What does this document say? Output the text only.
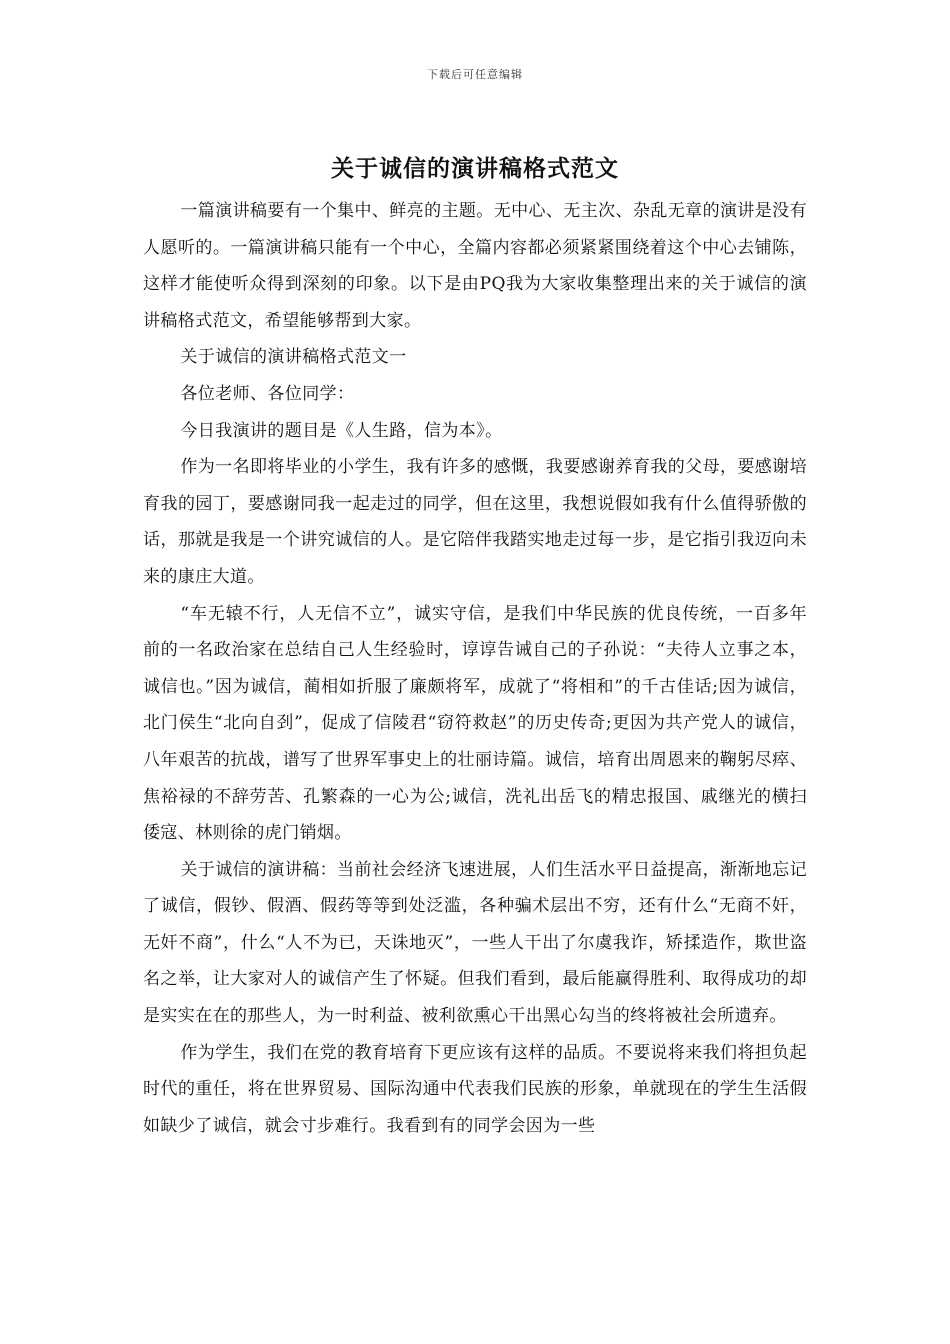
下载后可任意编辑
关于诚信的演讲稿格式范文

一篇演讲稿要有一个集中、鲜亮的主题。无中心、无主次、杂乱无章的演讲是没有人愿听的。一篇演讲稿只能有一个中心，全篇内容都必须紧紧围绕着这个中心去铺陈，这样才能使听众得到深刻的印象。以下是由PQ我为大家收集整理出来的关于诚信的演讲稿格式范文，希望能够帮到大家。

关于诚信的演讲稿格式范文一

各位老师、各位同学：

今日我演讲的题目是《人生路，信为本》。

作为一名即将毕业的小学生，我有许多的感慨，我要感谢养育我的父母，要感谢培育我的园丁，要感谢同我一起走过的同学，但在这里，我想说假如我有什么值得骄傲的话，那就是我是一个讲究诚信的人。是它陪伴我踏实地走过每一步，是它指引我迈向未来的康庄大道。

“车无辕不行，人无信不立”，诚实守信，是我们中华民族的优良传统，一百多年前的一名政治家在总结自己人生经验时，谆谆告诫自己的子孙说：“夫待人立事之本，诚信也。”因为诚信，蔺相如折服了廉颇将军，成就了“将相和”的千古佳话;因为诚信，北门侯生“北向自刭”，促成了信陵君“窃符救赵”的历史传奇;更因为共产党人的诚信，八年艰苦的抗战，谱写了世界军事史上的壮丽诗篇。诚信，培育出周恩来的鞠躬尽瘁、焦裕禄的不辞劳苦、孔繁森的一心为公;诚信，洗礼出岳飞的精忠报国、戚继光的横扫倭寇、林则徐的虎门销烟。

关于诚信的演讲稿：当前社会经济飞速进展，人们生活水平日益提高，渐渐地忘记了诚信，假钞、假酒、假药等等到处泛滥，各种骗术层出不穷，还有什么“无商不奸，无奸不商”，什么“人不为已，天诛地灭”，一些人干出了尔虞我诈，矫揉造作，欺世盗名之举，让大家对人的诚信产生了怀疑。但我们看到，最后能赢得胜利、取得成功的却是实实在在的那些人，为一时利益、被利欲熏心干出黑心勾当的终将被社会所遗弃。

作为学生，我们在党的教育培育下更应该有这样的品质。不要说将来我们将担负起时代的重任，将在世界贸易、国际沟通中代表我们民族的形象，单就现在的学生生活假如缺少了诚信，就会寸步难行。我看到有的同学会因为一些
